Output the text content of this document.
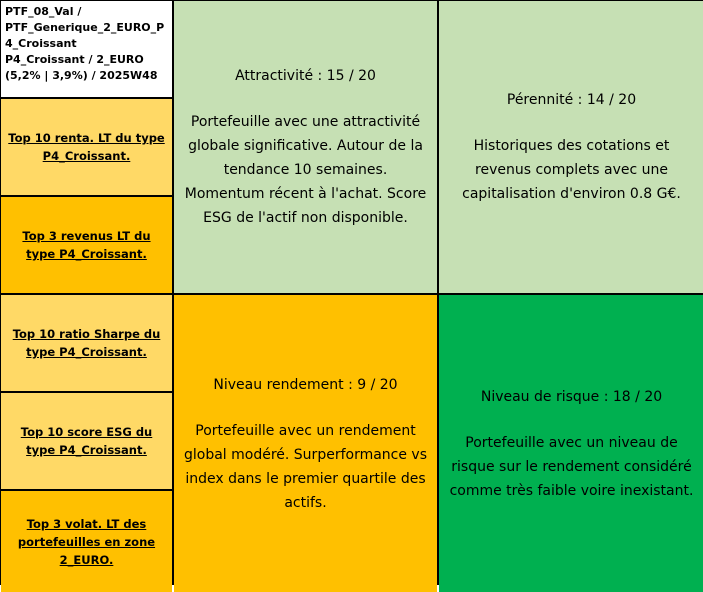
PTF_08_Val /
PTF_Generique_2_EURO_P
4_Croissant
P4_Croissant / 2_EURO
(5,2% | 3,9%) / 2025W48
Top 10 renta. LT du type P4_Croissant.
Top 3 revenus LT du type P4_Croissant.
Top 10 ratio Sharpe du type P4_Croissant.
Top 10 score ESG du type P4_Croissant.
Top 3 volat. LT des portefeuilles en zone 2_EURO.
Attractivité : 15 / 20
Portefeuille avec une attractivité globale significative. Autour de la tendance 10 semaines. Momentum récent à l'achat. Score ESG de l'actif non disponible.
Pérennité : 14 / 20
Historiques des cotations et revenus complets avec une capitalisation d'environ 0.8 G€.
Niveau rendement : 9 / 20
Portefeuille avec un rendement global modéré. Surperformance vs index dans le premier quartile des actifs.
Niveau de risque : 18 / 20
Portefeuille avec un niveau de risque sur le rendement considéré comme très faible voire inexistant.
